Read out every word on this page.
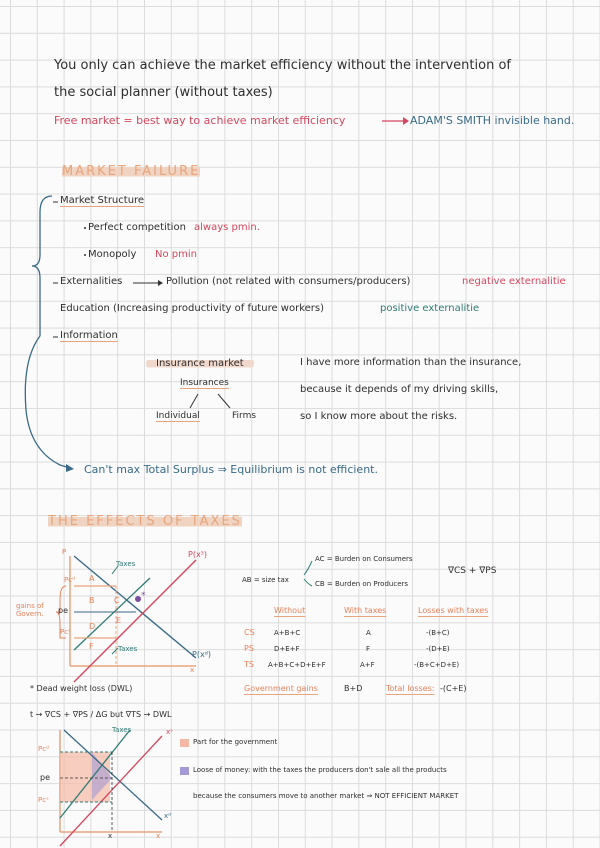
You only can achieve the market efficiency without the intervention of
the social planner (without taxes)
Free market = best way to achieve market efficiency	ADAM'S SMITH invisible hand.
MARKET FAILURE
Market Structure
Perfect competition always pmin.
Monopoly No pmin
Externalities	Pollution (not related with consumers/producers)	negative externalitie
Education (Increasing productivity of future workers)	positive externalitie
Information
Insurance market
Insurances
Individual	Firms
I have more information than the insurance,
because it depends of my driving skills,
so I know more about the risks.
Can't max Total Surplus ⇒ Equilibrium is not efficient.
THE EFFECTS OF TAXES
AB = size tax
AC = Burden on Consumers
CB = Burden on Producers
∇CS + ∇PS
Without	With taxes	Losses with taxes
CS	A+B+C	A	-(B+C)
PS	D+E+F	F	-(D+E)
TS A+B+C+D+E+F	A+F	-(B+C+D+E)
Government gains	B+D	Total losses: -(C+E)
* Dead weight loss (DWL)
t → ∇CS + ∇PS / ΔG but ∇TS → DWL
Part for the government
Loose of money: with the taxes the producers don't sale all the products
because the consumers move to another market ⇒ NOT EFFICIENT MARKET
Taxes
Taxes
P(x³)
P(xᵈ)
pe
Pcᵈ
Pcˢ
gains of Govern.
A
B C
D
E
F
x
P
*
Taxes	xˢ
xᵈ
pe
Pcᵈ
Pcˢ
x	x
